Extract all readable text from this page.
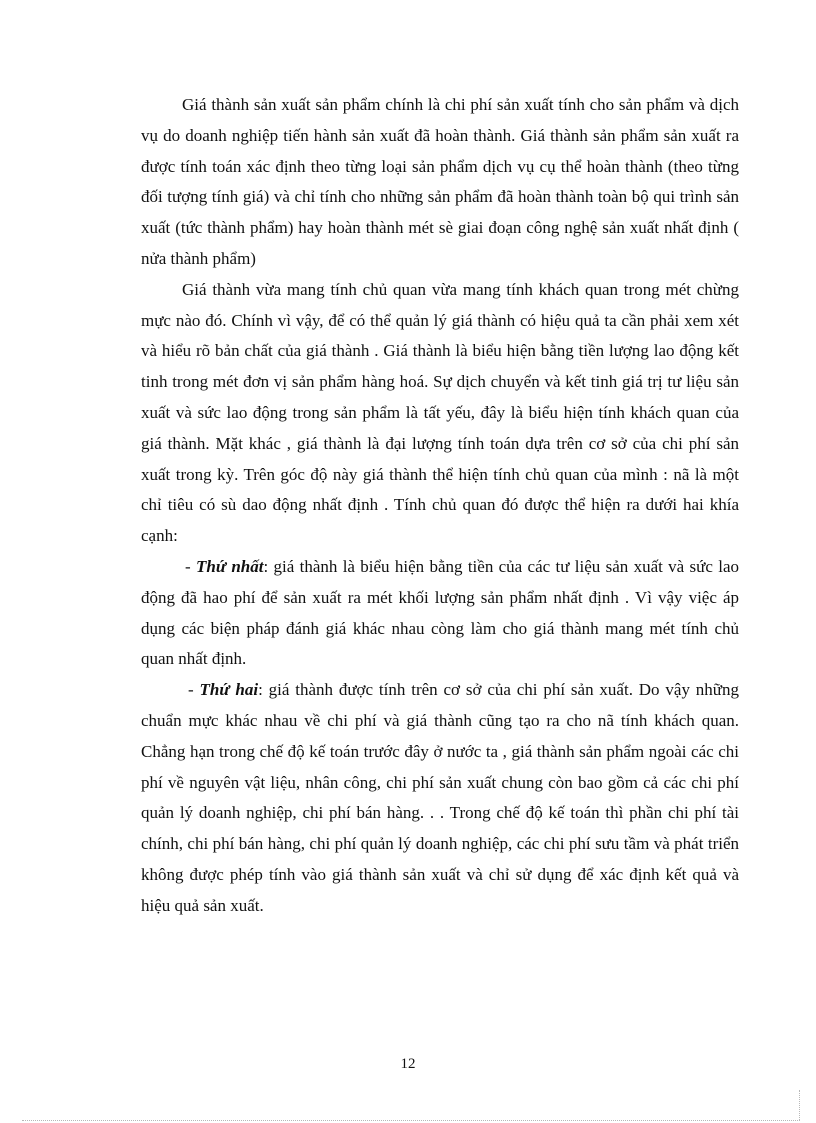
Giá thành sản xuất sản phẩm chính là chi phí sản xuất tính cho sản phẩm và dịch vụ do doanh nghiệp tiến hành sản xuất đã hoàn thành. Giá thành sản phẩm sản xuất ra được tính toán xác định theo từng loại sản phẩm dịch vụ cụ thể hoàn thành (theo từng đối tượng tính giá) và chỉ tính cho những sản phẩm đã hoàn thành toàn bộ qui trình sản xuất (tức thành phẩm) hay hoàn thành mét sè giai đoạn công nghệ sản xuất nhất định ( nửa thành phẩm)

Giá thành vừa mang tính chủ quan vừa mang tính khách quan trong mét chừng mực nào đó. Chính vì vậy, để có thể quản lý giá thành có hiệu quả ta cần phải xem xét và hiểu rõ bản chất của giá thành . Giá thành là biểu hiện bằng tiền lượng lao động kết tinh trong mét đơn vị sản phẩm hàng hoá. Sự dịch chuyển và kết tinh giá trị tư liệu sản xuất và sức lao động trong sản phẩm là tất yếu, đây là biểu hiện tính khách quan của giá thành. Mặt khác , giá thành là đại lượng tính toán dựa trên cơ sở của chi phí sản xuất trong kỳ. Trên góc độ này giá thành thể hiện tính chủ quan của mình : nã là một chỉ tiêu có sù dao động nhất định . Tính chủ quan đó được thể hiện ra dưới hai khía cạnh:

- Thứ nhất: giá thành là biểu hiện bằng tiền của các tư liệu sản xuất và sức lao động đã hao phí để sản xuất ra mét khối lượng sản phẩm nhất định . Vì vậy việc áp dụng các biện pháp đánh giá khác nhau còng làm cho giá thành mang mét tính chủ quan nhất định.

- Thứ hai: giá thành được tính trên cơ sở của chi phí sản xuất. Do vậy những chuẩn mực khác nhau về chi phí và giá thành cũng tạo ra cho nã tính khách quan. Chẳng hạn trong chế độ kế toán trước đây ở nước ta , giá thành sản phẩm ngoài các chi phí về nguyên vật liệu, nhân công, chi phí sản xuất chung còn bao gồm cả các chi phí quản lý doanh nghiệp, chi phí bán hàng. . . Trong chế độ kế toán thì phần chi phí tài chính, chi phí bán hàng, chi phí quản lý doanh nghiệp, các chi phí sưu tầm và phát triển không được phép tính vào giá thành sản xuất và chỉ sử dụng để xác định kết quả và hiệu quả sản xuất.

12
